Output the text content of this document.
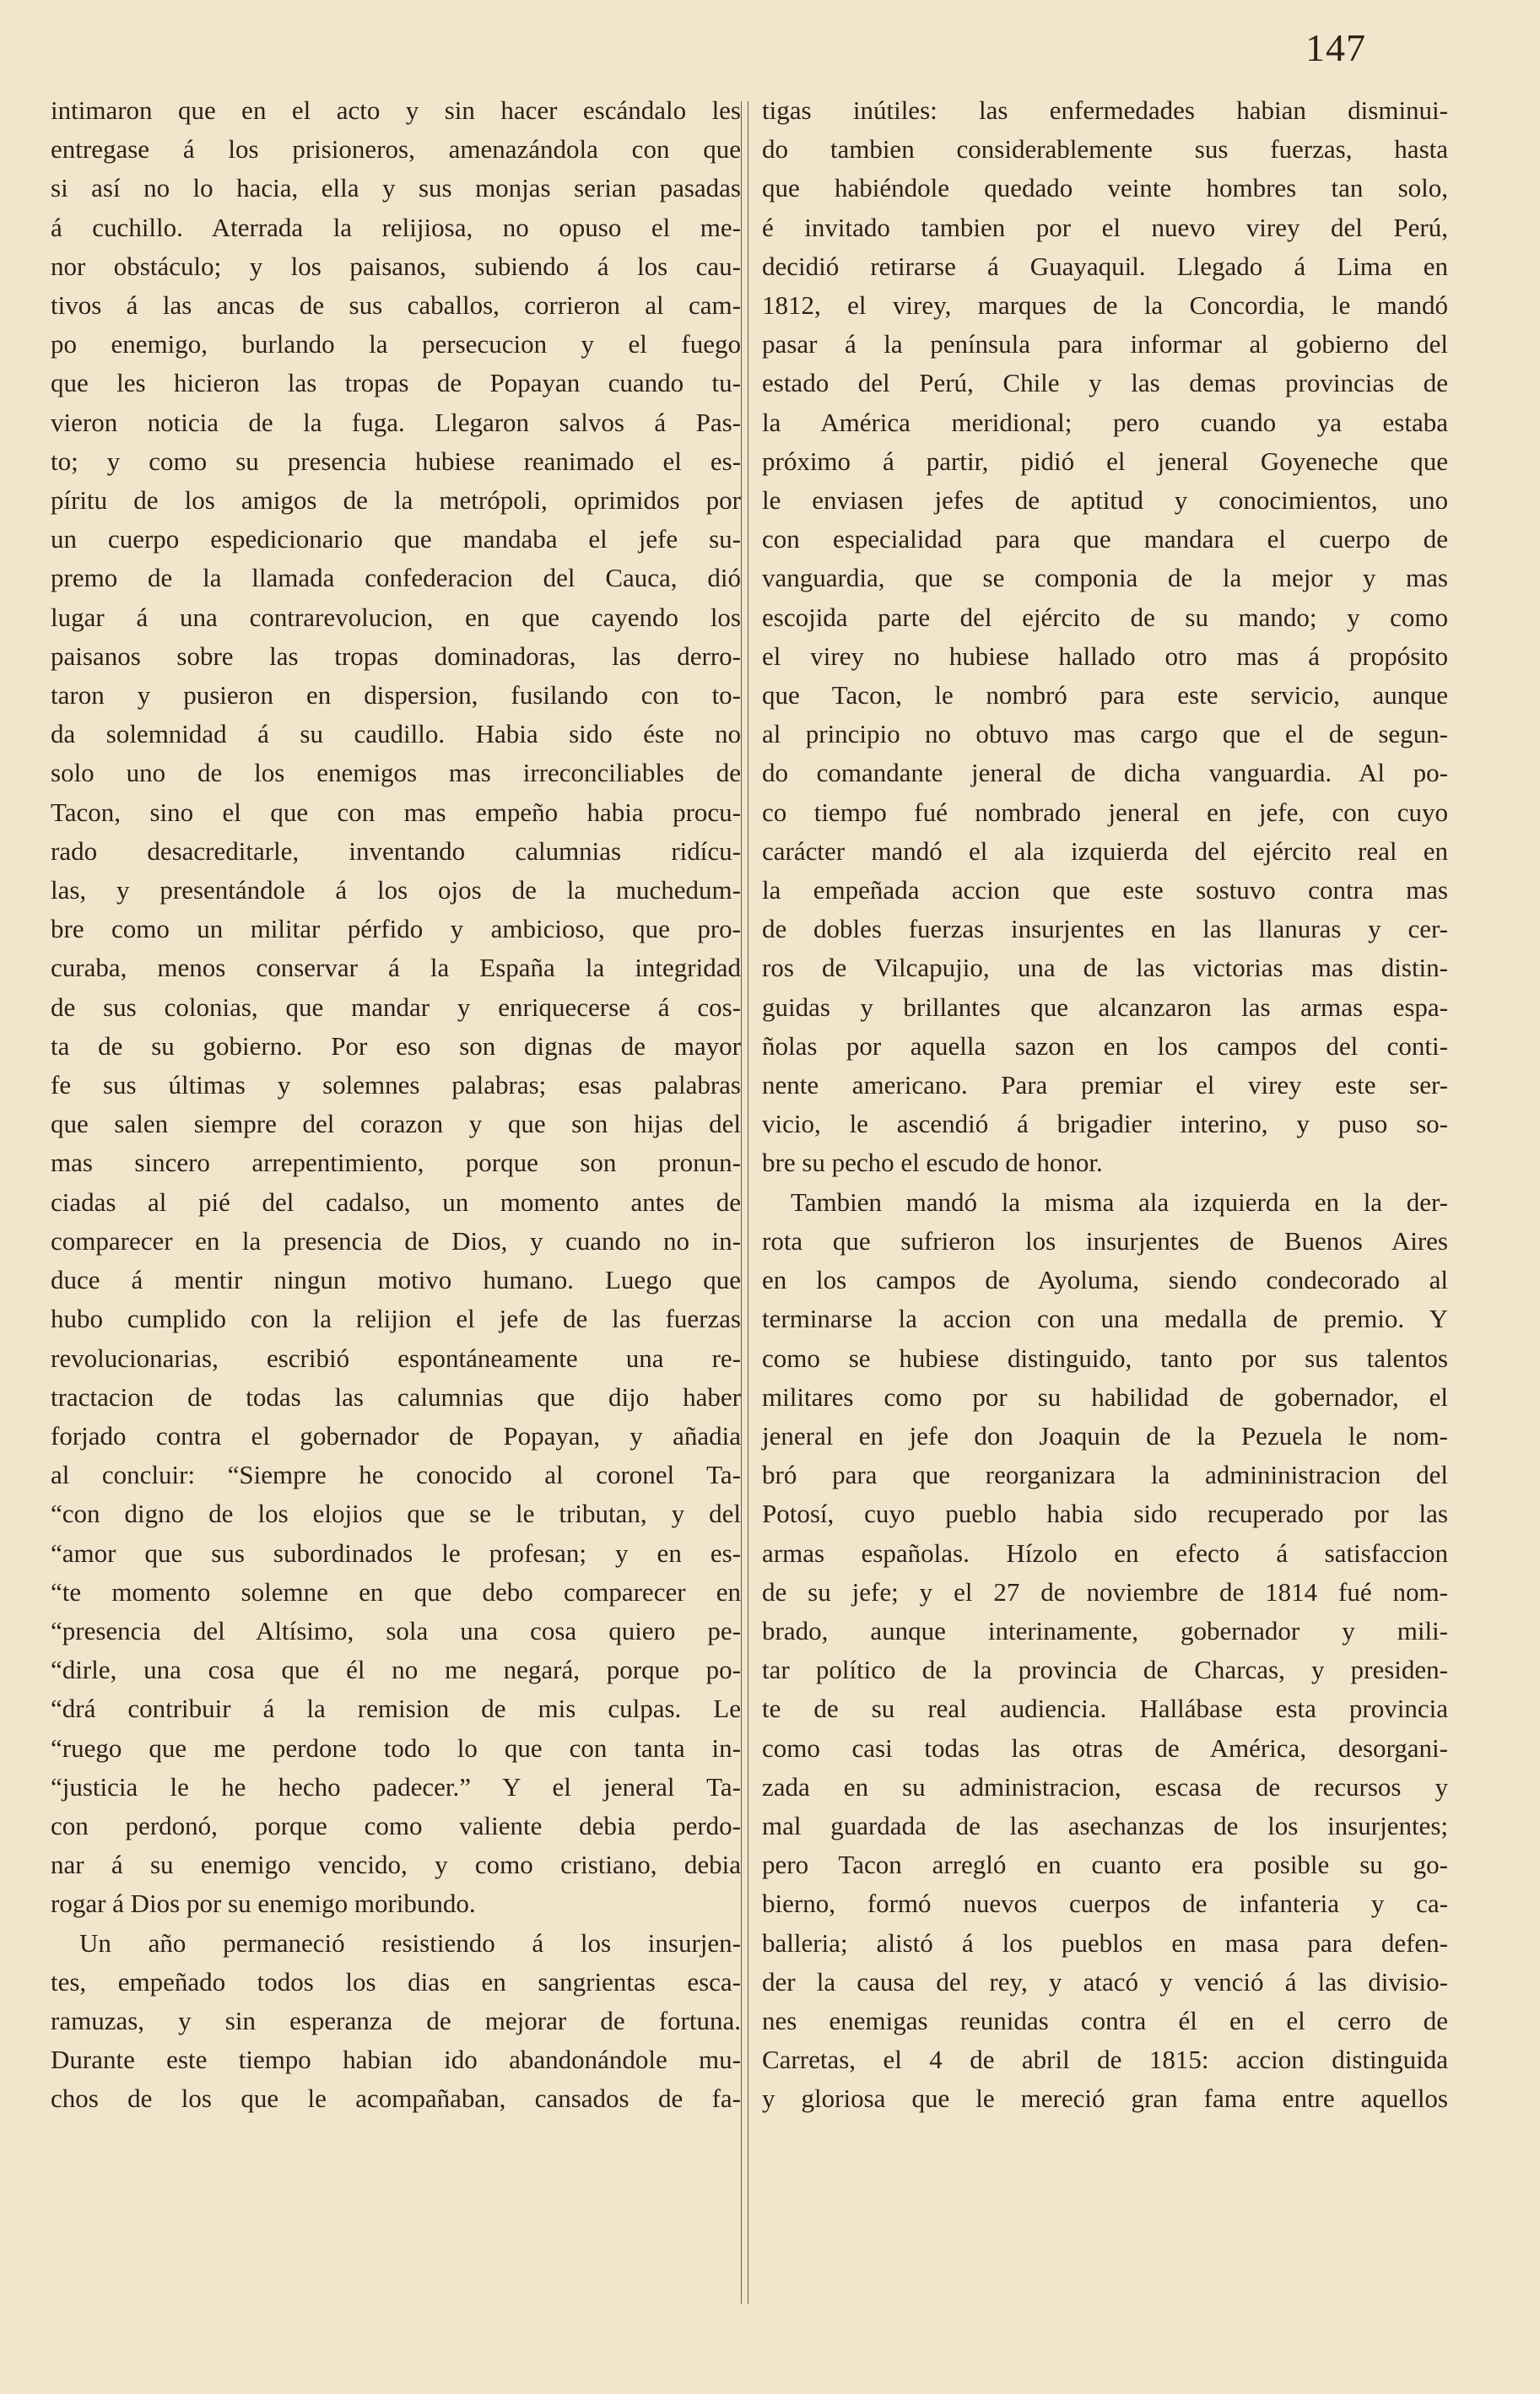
147
intimaron que en el acto y sin hacer escándalo les
entregase á los prisioneros, amenazándola con que
si así no lo hacia, ella y sus monjas serian pasadas
á cuchillo. Aterrada la relijiosa, no opuso el me-
nor obstáculo; y los paisanos, subiendo á los cau-
tivos á las ancas de sus caballos, corrieron al cam-
po enemigo, burlando la persecucion y el fuego
que les hicieron las tropas de Popayan cuando tu-
vieron noticia de la fuga. Llegaron salvos á Pas-
to; y como su presencia hubiese reanimado el es-
píritu de los amigos de la metrópoli, oprimidos por
un cuerpo espedicionario que mandaba el jefe su-
premo de la llamada confederacion del Cauca, dió
lugar á una contrarevolucion, en que cayendo los
paisanos sobre las tropas dominadoras, las derro-
taron y pusieron en dispersion, fusilando con to-
da solemnidad á su caudillo. Habia sido éste no
solo uno de los enemigos mas irreconciliables de
Tacon, sino el que con mas empeño habia procu-
rado desacreditarle, inventando calumnias ridícu-
las, y presentándole á los ojos de la muchedum-
bre como un militar pérfido y ambicioso, que pro-
curaba, menos conservar á la España la integridad
de sus colonias, que mandar y enriquecerse á cos-
ta de su gobierno. Por eso son dignas de mayor
fe sus últimas y solemnes palabras; esas palabras
que salen siempre del corazon y que son hijas del
mas sincero arrepentimiento, porque son pronun-
ciadas al pié del cadalso, un momento antes de
comparecer en la presencia de Dios, y cuando no in-
duce á mentir ningun motivo humano. Luego que
hubo cumplido con la relijion el jefe de las fuerzas
revolucionarias, escribió espontáneamente una re-
tractacion de todas las calumnias que dijo haber
forjado contra el gobernador de Popayan, y añadia
al concluir: “Siempre he conocido al coronel Ta-
“con digno de los elojios que se le tributan, y del
“amor que sus subordinados le profesan; y en es-
“te momento solemne en que debo comparecer en
“presencia del Altísimo, sola una cosa quiero pe-
“dirle, una cosa que él no me negará, porque po-
“drá contribuir á la remision de mis culpas. Le
“ruego que me perdone todo lo que con tanta in-
“justicia le he hecho padecer.” Y el jeneral Ta-
con perdonó, porque como valiente debia perdo-
nar á su enemigo vencido, y como cristiano, debia
rogar á Dios por su enemigo moribundo.
Un año permaneció resistiendo á los insurjen-
tes, empeñado todos los dias en sangrientas esca-
ramuzas, y sin esperanza de mejorar de fortuna.
Durante este tiempo habian ido abandonándole mu-
chos de los que le acompañaban, cansados de fa-
tigas inútiles: las enfermedades habian disminui-
do tambien considerablemente sus fuerzas, hasta
que habiéndole quedado veinte hombres tan solo,
é invitado tambien por el nuevo virey del Perú,
decidió retirarse á Guayaquil. Llegado á Lima en
1812, el virey, marques de la Concordia, le mandó
pasar á la península para informar al gobierno del
estado del Perú, Chile y las demas provincias de
la América meridional; pero cuando ya estaba
próximo á partir, pidió el jeneral Goyeneche que
le enviasen jefes de aptitud y conocimientos, uno
con especialidad para que mandara el cuerpo de
vanguardia, que se componia de la mejor y mas
escojida parte del ejército de su mando; y como
el virey no hubiese hallado otro mas á propósito
que Tacon, le nombró para este servicio, aunque
al principio no obtuvo mas cargo que el de segun-
do comandante jeneral de dicha vanguardia. Al po-
co tiempo fué nombrado jeneral en jefe, con cuyo
carácter mandó el ala izquierda del ejército real en
la empeñada accion que este sostuvo contra mas
de dobles fuerzas insurjentes en las llanuras y cer-
ros de Vilcapujio, una de las victorias mas distin-
guidas y brillantes que alcanzaron las armas espa-
ñolas por aquella sazon en los campos del conti-
nente americano. Para premiar el virey este ser-
vicio, le ascendió á brigadier interino, y puso so-
bre su pecho el escudo de honor.
Tambien mandó la misma ala izquierda en la der-
rota que sufrieron los insurjentes de Buenos Aires
en los campos de Ayoluma, siendo condecorado al
terminarse la accion con una medalla de premio. Y
como se hubiese distinguido, tanto por sus talentos
militares como por su habilidad de gobernador, el
jeneral en jefe don Joaquin de la Pezuela le nom-
bró para que reorganizara la admininistracion del
Potosí, cuyo pueblo habia sido recuperado por las
armas españolas. Hízolo en efecto á satisfaccion
de su jefe; y el 27 de noviembre de 1814 fué nom-
brado, aunque interinamente, gobernador y mili-
tar político de la provincia de Charcas, y presiden-
te de su real audiencia. Hallábase esta provincia
como casi todas las otras de América, desorgani-
zada en su administracion, escasa de recursos y
mal guardada de las asechanzas de los insurjentes;
pero Tacon arregló en cuanto era posible su go-
bierno, formó nuevos cuerpos de infanteria y ca-
balleria; alistó á los pueblos en masa para defen-
der la causa del rey, y atacó y venció á las divisio-
nes enemigas reunidas contra él en el cerro de
Carretas, el 4 de abril de 1815: accion distinguida
y gloriosa que le mereció gran fama entre aquellos
